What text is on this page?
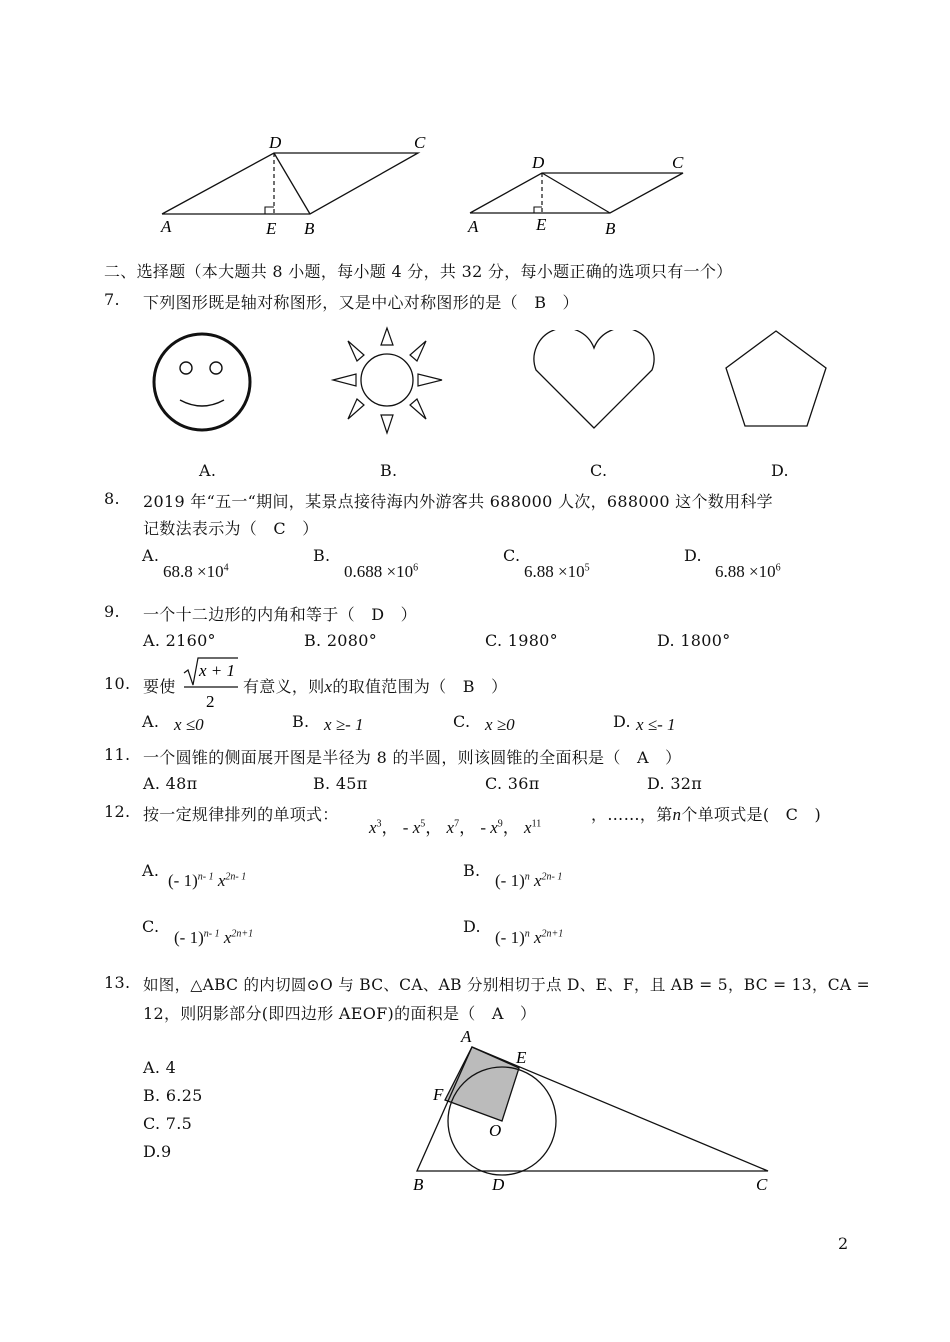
D	C
A	E B
D	C
A	E	B
二、选择题（本大题共 8 小题，每小题 4 分，共 32 分，每小题正确的选项只有一个）
7. 下列图形既是轴对称图形，又是中心对称图形的是（　B　）
A.	B.	C.	D.
8. 2019 年“五一“期间，某景点接待海内外游客共 688000 人次，688000 这个数用科学
记数法表示为（　C　）
A.
$68.8 \times 10^4$
B.
$0.688 \times 10^6$
C.
$6.88 \times 10^5$
D.
$6.88 \times 10^6$
9. 一个十二边形的内角和等于（　D　）
A. 2160°	B. 2080°	C. 1980°	D. 1800°
10. 要使
x + 1
2
有意义，则x的取值范围为（　B　）
A. x ≤0	B. x ≥- 1	C. x ≥0	D. x ≤- 1
11. 一个圆锥的侧面展开图是半径为 8 的半圆，则该圆锥的全面积是（　A　）
A. 48π	B. 45π	C. 36π	D. 32π
12. 按一定规律排列的单项式：
$x^3$， - $x^5$， $x^7$， - $x^9$， $x^{11}$	，……，第n个单项式是(　C　)
A.
(- 1)$^{n- 1}$ $x^{2n- 1}$	B.
(- 1)$^n$ $x^{2n- 1}$
C.
(- 1)$^{n- 1}$ $x^{2n+1}$	D.
(- 1)$^n$ $x^{2n+1}$
13. 如图，△ABC 的内切圆⊙O 与 BC、CA、AB 分别相切于点 D、E、F，且 AB = 5，BC = 13，CA =
12，则阴影部分(即四边形 AEOF)的面积是（　A　）
A. 4
B. 6.25
C. 7.5
D.9
A
E
F
O
B	D	C
2
